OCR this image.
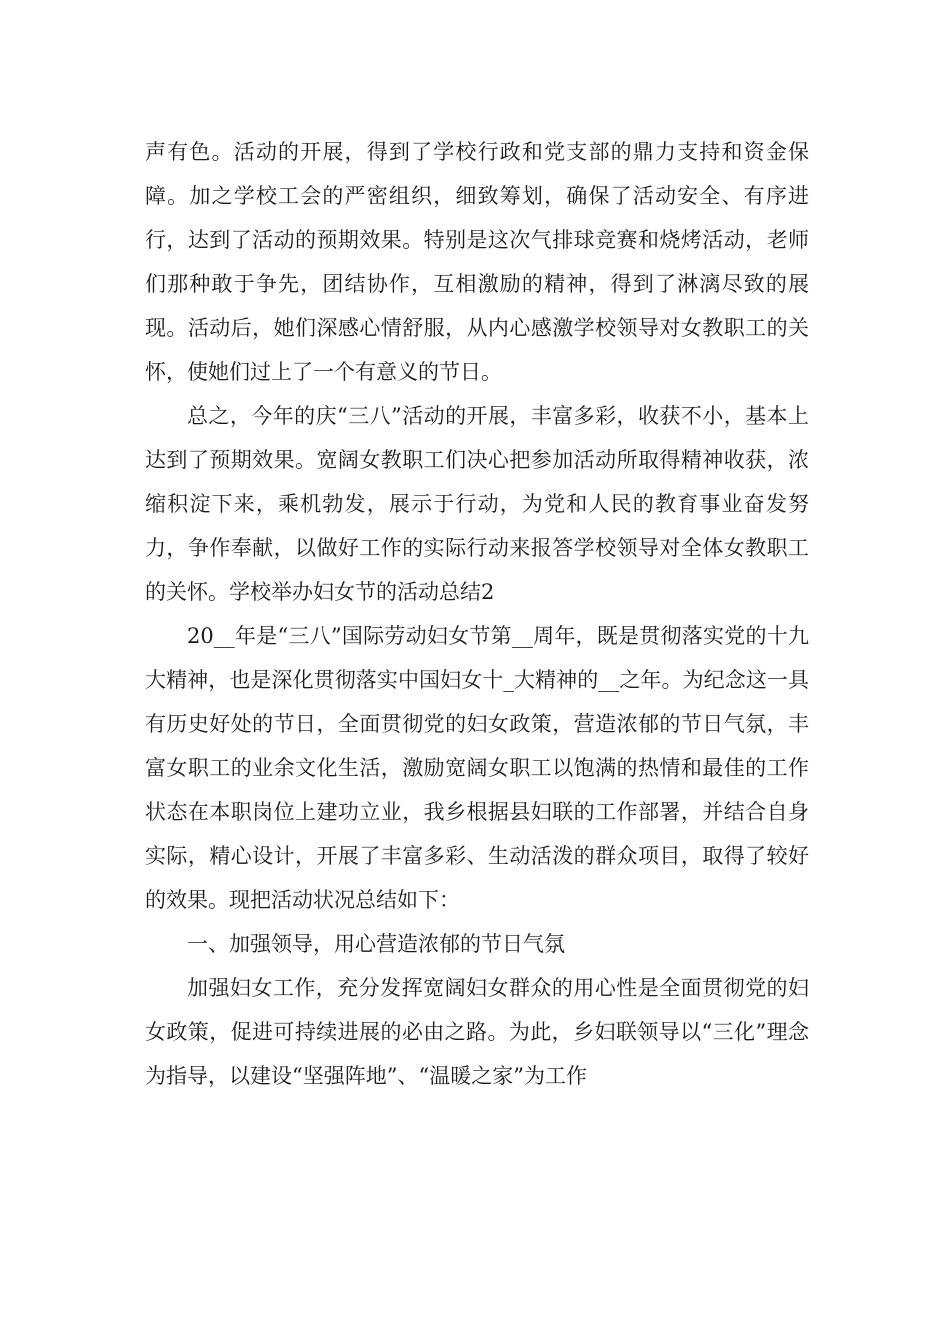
声有色。活动的开展，得到了学校行政和党支部的鼎力支持和资金保障。加之学校工会的严密组织，细致筹划，确保了活动安全、有序进行，达到了活动的预期效果。特别是这次气排球竞赛和烧烤活动，老师们那种敢于争先，团结协作，互相激励的精神，得到了淋漓尽致的展现。活动后，她们深感心情舒服，从内心感激学校领导对女教职工的关怀，使她们过上了一个有意义的节日。

总之，今年的庆“三八”活动的开展，丰富多彩，收获不小，基本上达到了预期效果。宽阔女教职工们决心把参加活动所取得精神收获，浓缩积淀下来，乘机勃发，展示于行动，为党和人民的教育事业奋发努力，争作奉献，以做好工作的实际行动来报答学校领导对全体女教职工的关怀。学校举办妇女节的活动总结2

20__年是“三八”国际劳动妇女节第__周年，既是贯彻落实党的十九大精神，也是深化贯彻落实中国妇女十_大精神的__之年。为纪念这一具有历史好处的节日，全面贯彻党的妇女政策，营造浓郁的节日气氛，丰富女职工的业余文化生活，激励宽阔女职工以饱满的热情和最佳的工作状态在本职岗位上建功立业，我乡根据县妇联的工作部署，并结合自身实际，精心设计，开展了丰富多彩、生动活泼的群众项目，取得了较好的效果。现把活动状况总结如下：

一、加强领导，用心营造浓郁的节日气氛

加强妇女工作，充分发挥宽阔妇女群众的用心性是全面贯彻党的妇女政策，促进可持续进展的必由之路。为此，乡妇联领导以“三化”理念为指导，以建设“坚强阵地”、“温暖之家”为工作
